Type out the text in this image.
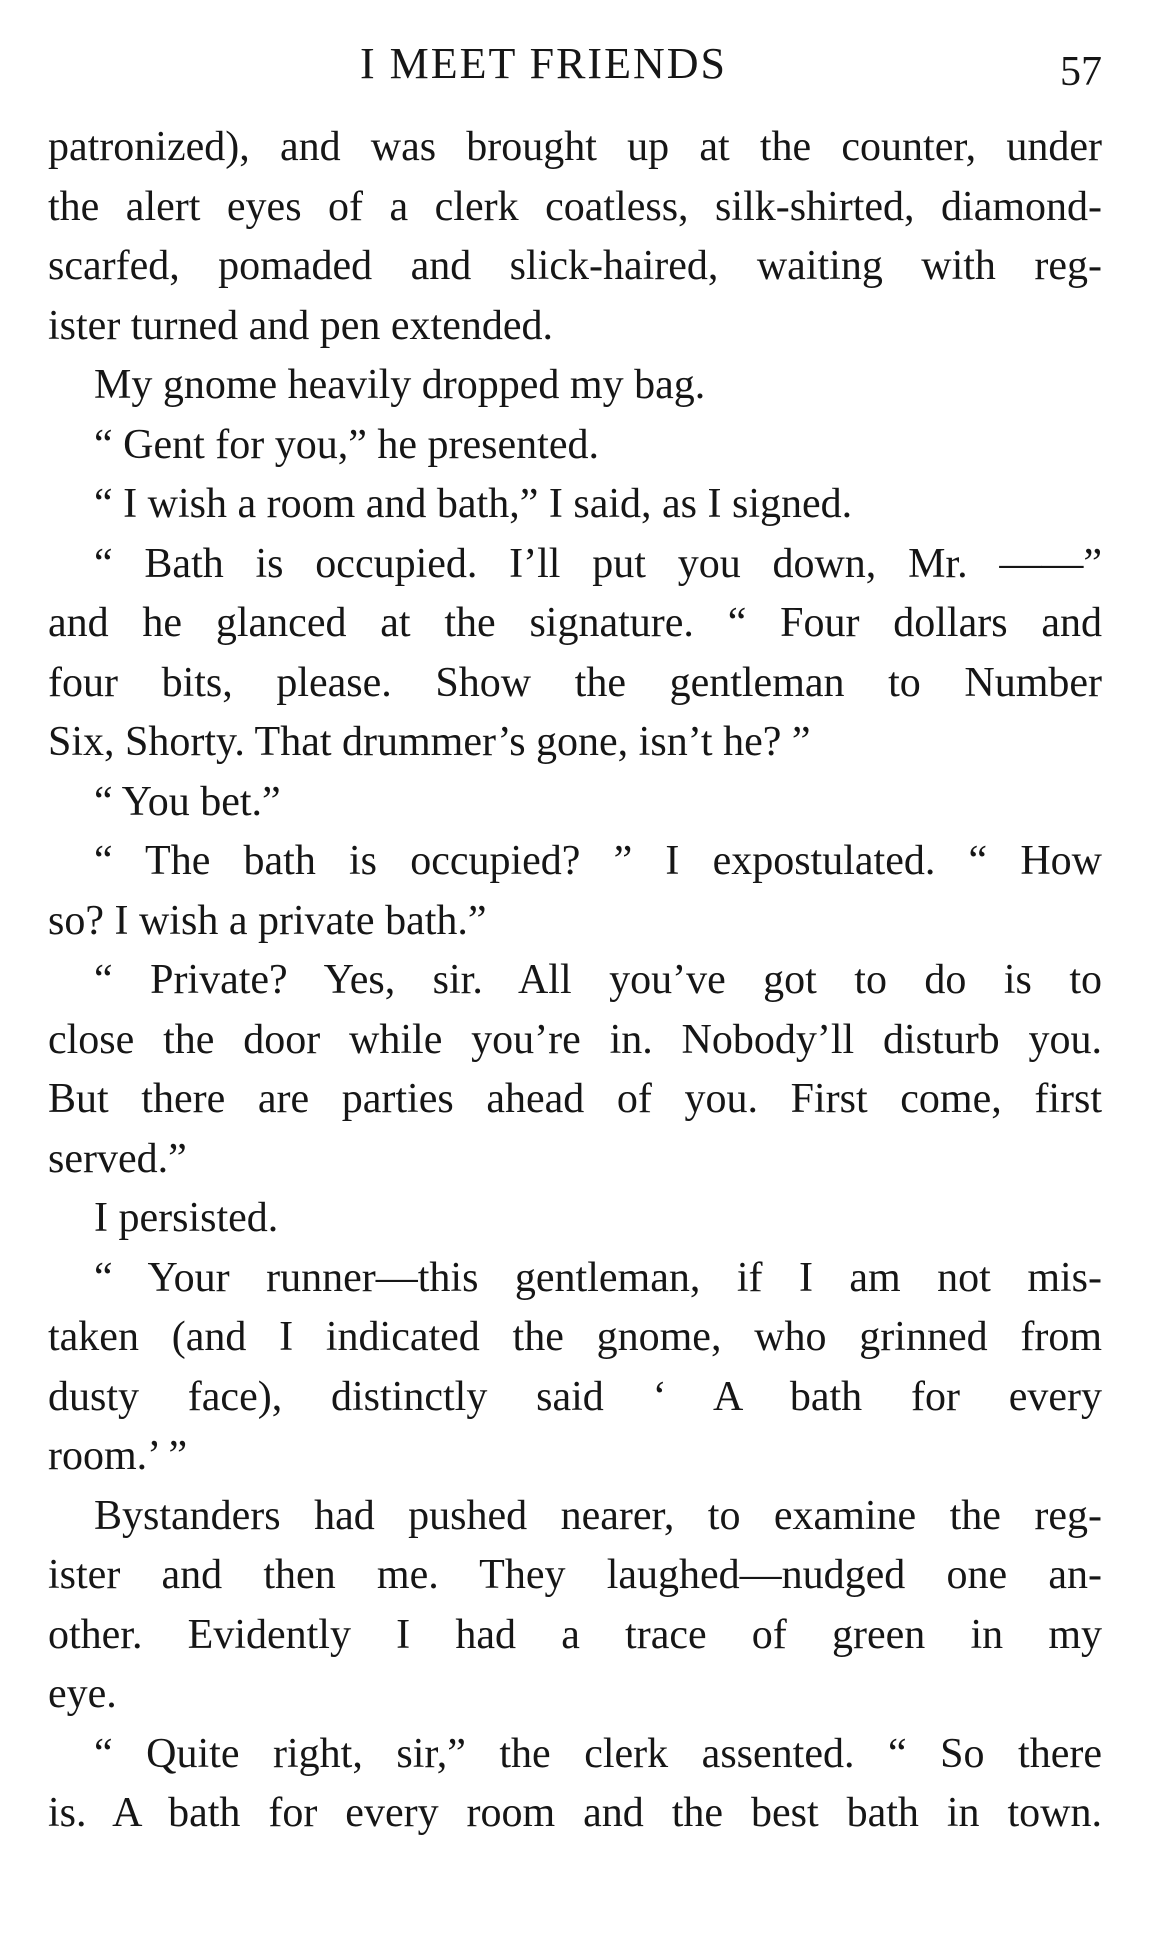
I MEET FRIENDS	57
patronized), and was brought up at the counter, under
the alert eyes of a clerk coatless, silk-shirted, diamond-
scarfed, pomaded and slick-haired, waiting with reg-
ister turned and pen extended.
My gnome heavily dropped my bag.
“ Gent for you,” he presented.
“ I wish a room and bath,” I said, as I signed.
“ Bath is occupied. I’ll put you down, Mr. ——”
and he glanced at the signature. “ Four dollars and
four bits, please. Show the gentleman to Number
Six, Shorty. That drummer’s gone, isn’t he? ”
“ You bet.”
“ The bath is occupied? ” I expostulated. “ How
so? I wish a private bath.”
“ Private? Yes, sir. All you’ve got to do is to
close the door while you’re in. Nobody’ll disturb you.
But there are parties ahead of you. First come, first
served.”
I persisted.
“ Your runner—this gentleman, if I am not mis-
taken (and I indicated the gnome, who grinned from
dusty face), distinctly said ‘ A bath for every
room.’ ”
Bystanders had pushed nearer, to examine the reg-
ister and then me. They laughed—nudged one an-
other. Evidently I had a trace of green in my
eye.
“ Quite right, sir,” the clerk assented. “ So there
is. A bath for every room and the best bath in town.
